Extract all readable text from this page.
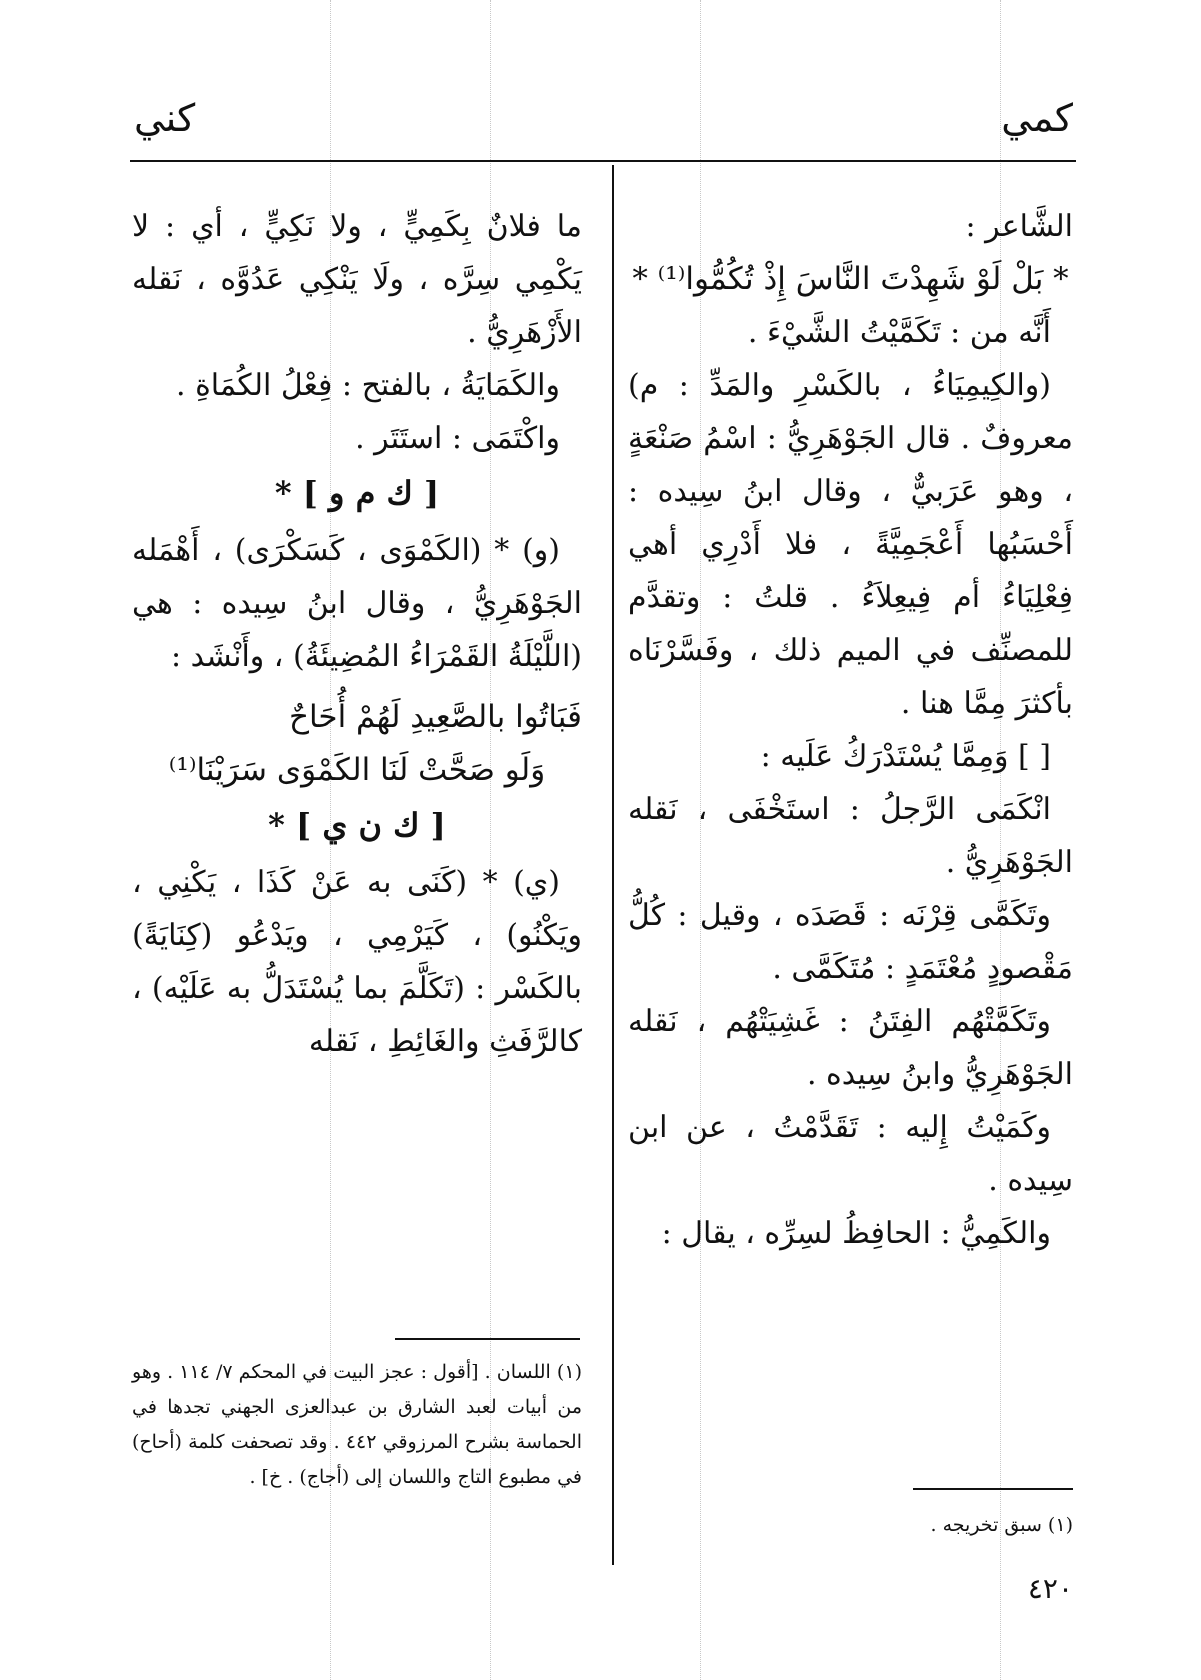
كمي
كني

الشَّاعر :

* بَلْ لَوْ شَهِدْتَ النَّاسَ إِذْ تُكُمُّوا⁽¹⁾ *

أَنَّه من : تَكَمَّيْتُ الشَّيْءَ .

(والكِيمِيَاءُ ، بالكَسْرِ والمَدِّ : م) معروفٌ . قال الجَوْهَرِيُّ : اسْمُ صَنْعَةٍ ، وهو عَرَبيٌّ ، وقال ابنُ سِيده : أَحْسَبُها أَعْجَمِيَّةً ، فلا أَدْرِي أهي فِعْلِيَاءُ أم فِيعِلاَءُ . قلتُ : وتقدَّم للمصنِّف في الميم ذلك ، وفَسَّرْنَاه بأكثرَ مِمَّا هنا .

[ ] وَمِمَّا يُسْتَدْرَكُ عَلَيه :

انْكَمَى الرَّجلُ : استَخْفَى ، نَقله الجَوْهَرِيُّ .

وتَكَمَّى قِرْنَه : قَصَدَه ، وقيل : كُلُّ مَقْصودٍ مُعْتَمَدٍ : مُتَكَمَّى .

وتَكَمَّتْهُم الفِتَنُ : غَشِيَتْهُم ، نَقله الجَوْهَرِيُّ وابنُ سِيده .

وكَمَيْتُ إِليه : تَقَدَّمْتُ ، عن ابن سِيده .

والكَمِيُّ : الحافِظُ لسِرِّه ، يقال :

ما فلانٌ بِكَمِيٍّ ، ولا نَكِيٍّ ، أي : لا يَكْمِي سِرَّه ، ولَا يَنْكِي عَدُوَّه ، نَقله الأَزْهَرِيُّ .

والكَمَايَةُ ، بالفتح : فِعْلُ الكُمَاةِ .

واكْتَمَى : استَتَر .

[ ك م و ] *

(و) * (الكَمْوَى ، كَسَكْرَى) ، أَهْمَله الجَوْهَرِيُّ ، وقال ابنُ سِيده : هي (اللَّيْلَةُ القَمْرَاءُ المُضِيئَةُ) ، وأَنْشَد :

فَبَاتُوا بالصَّعِيدِ لَهُمْ أُحَاحٌ

وَلَو صَحَّتْ لَنَا الكَمْوَى سَرَيْنَا⁽¹⁾

[ ك ن ي ] *

(ي) * (كَنَى به عَنْ كَذَا ، يَكْنِي ، ويَكْنُو) ، كَيَرْمِي ، ويَدْعُو (كِنَايَةً) بالكَسْر : (تَكَلَّمَ بما يُسْتَدَلُّ به عَلَيْه) ، كالرَّفَثِ والغَائِطِ ، نَقله

(١) سبق تخريجه .
(١) اللسان . [أقول : عجز البيت في المحكم ٧/ ١١٤ . وهو من أبيات لعبد الشارق بن عبدالعزى الجهني تجدها في الحماسة بشرح المرزوقي ٤٤٢ . وقد تصحفت كلمة (أحاح) في مطبوع التاج واللسان إلى (أجاج) . خ] .
٤٢٠
